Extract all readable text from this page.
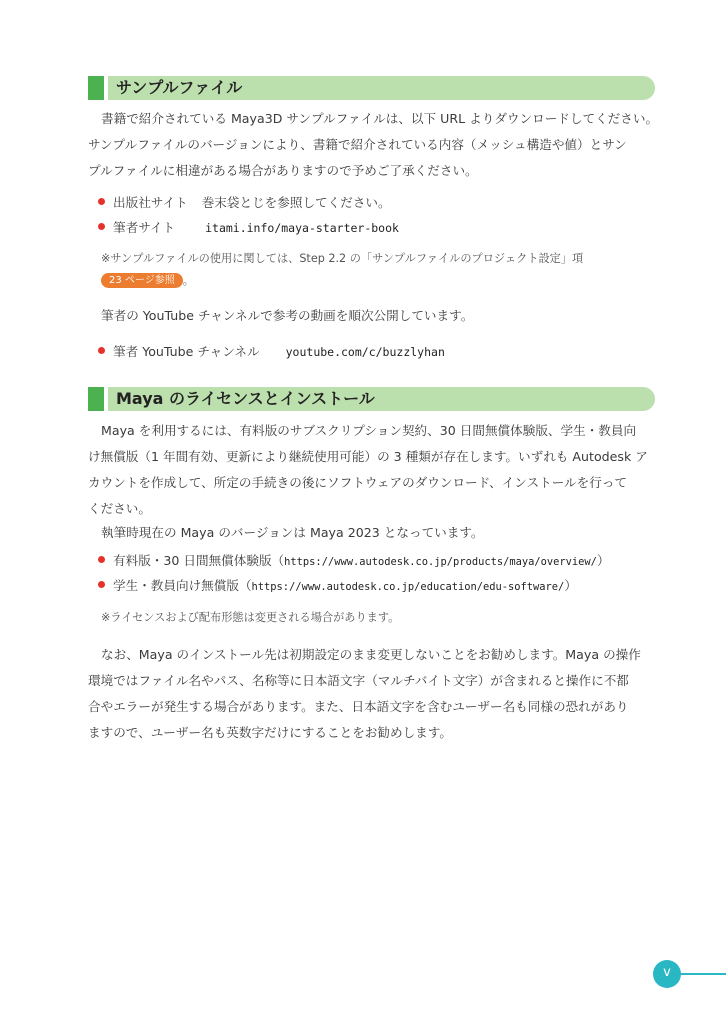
サンプルファイル
書籍で紹介されている Maya3D サンプルファイルは、以下 URL よりダウンロードしてください。
サンプルファイルのバージョンにより、書籍で紹介されている内容（メッシュ構造や値）とサン
プルファイルに相違がある場合がありますので予めご了承ください。
出版社サイト 巻末袋とじを参照してください。
筆者サイト	itami.info/maya-starter-book
※サンプルファイルの使用に関しては、Step 2.2 の「サンプルファイルのプロジェクト設定」項
23 ページ参照 。
筆者の YouTube チャンネルで参考の動画を順次公開しています。
筆者 YouTube チャンネル youtube.com/c/buzzlyhan
Maya のライセンスとインストール
Maya を利用するには、有料版のサブスクリプション契約、30 日間無償体験版、学生・教員向
け無償版（1 年間有効、更新により継続使用可能）の 3 種類が存在します。いずれも Autodesk ア
カウントを作成して、所定の手続きの後にソフトウェアのダウンロード、インストールを行って
ください。
執筆時現在の Maya のバージョンは Maya 2023 となっています。
有料版・30 日間無償体験版（https://www.autodesk.co.jp/products/maya/overview/）
学生・教員向け無償版（https://www.autodesk.co.jp/education/edu-software/）
※ライセンスおよび配布形態は変更される場合があります。
なお、Maya のインストール先は初期設定のまま変更しないことをお勧めします。Maya の操作
環境ではファイル名やパス、名称等に日本語文字（マルチバイト文字）が含まれると操作に不都
合やエラーが発生する場合があります。また、日本語文字を含むユーザー名も同様の恐れがあり
ますので、ユーザー名も英数字だけにすることをお勧めします。
v
